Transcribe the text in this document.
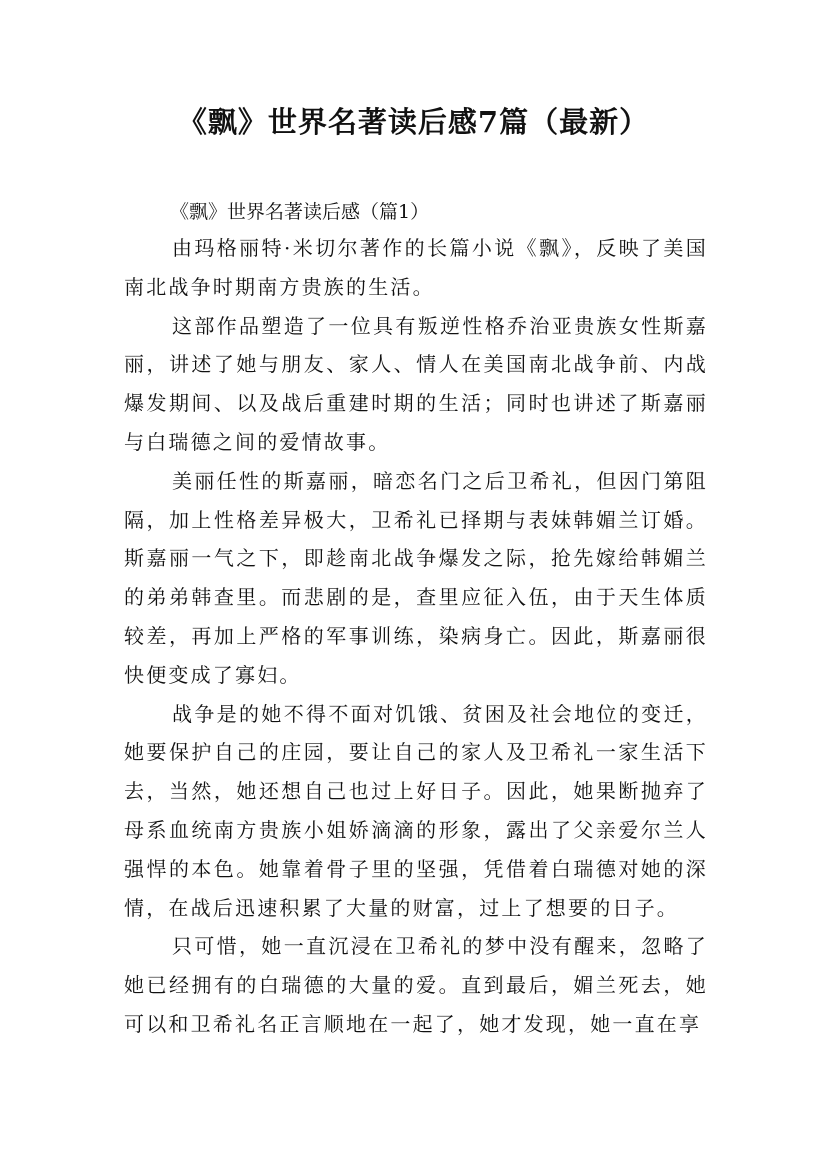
《飘》世界名著读后感7篇（最新）

《飘》世界名著读后感（篇1）

由玛格丽特·米切尔著作的长篇小说《飘》，反映了美国南北战争时期南方贵族的生活。

这部作品塑造了一位具有叛逆性格乔治亚贵族女性斯嘉丽，讲述了她与朋友、家人、情人在美国南北战争前、内战爆发期间、以及战后重建时期的生活；同时也讲述了斯嘉丽与白瑞德之间的爱情故事。

美丽任性的斯嘉丽，暗恋名门之后卫希礼，但因门第阻隔，加上性格差异极大，卫希礼已择期与表妹韩媚兰订婚。斯嘉丽一气之下，即趁南北战争爆发之际，抢先嫁给韩媚兰的弟弟韩查里。而悲剧的是，查里应征入伍，由于天生体质较差，再加上严格的军事训练，染病身亡。因此，斯嘉丽很快便变成了寡妇。

战争是的她不得不面对饥饿、贫困及社会地位的变迁，她要保护自己的庄园，要让自己的家人及卫希礼一家生活下去，当然，她还想自己也过上好日子。因此，她果断抛弃了母系血统南方贵族小姐娇滴滴的形象，露出了父亲爱尔兰人强悍的本色。她靠着骨子里的坚强，凭借着白瑞德对她的深情，在战后迅速积累了大量的财富，过上了想要的日子。

只可惜，她一直沉浸在卫希礼的梦中没有醒来，忽略了她已经拥有的白瑞德的大量的爱。直到最后，媚兰死去，她可以和卫希礼名正言顺地在一起了，她才发现，她一直在享
